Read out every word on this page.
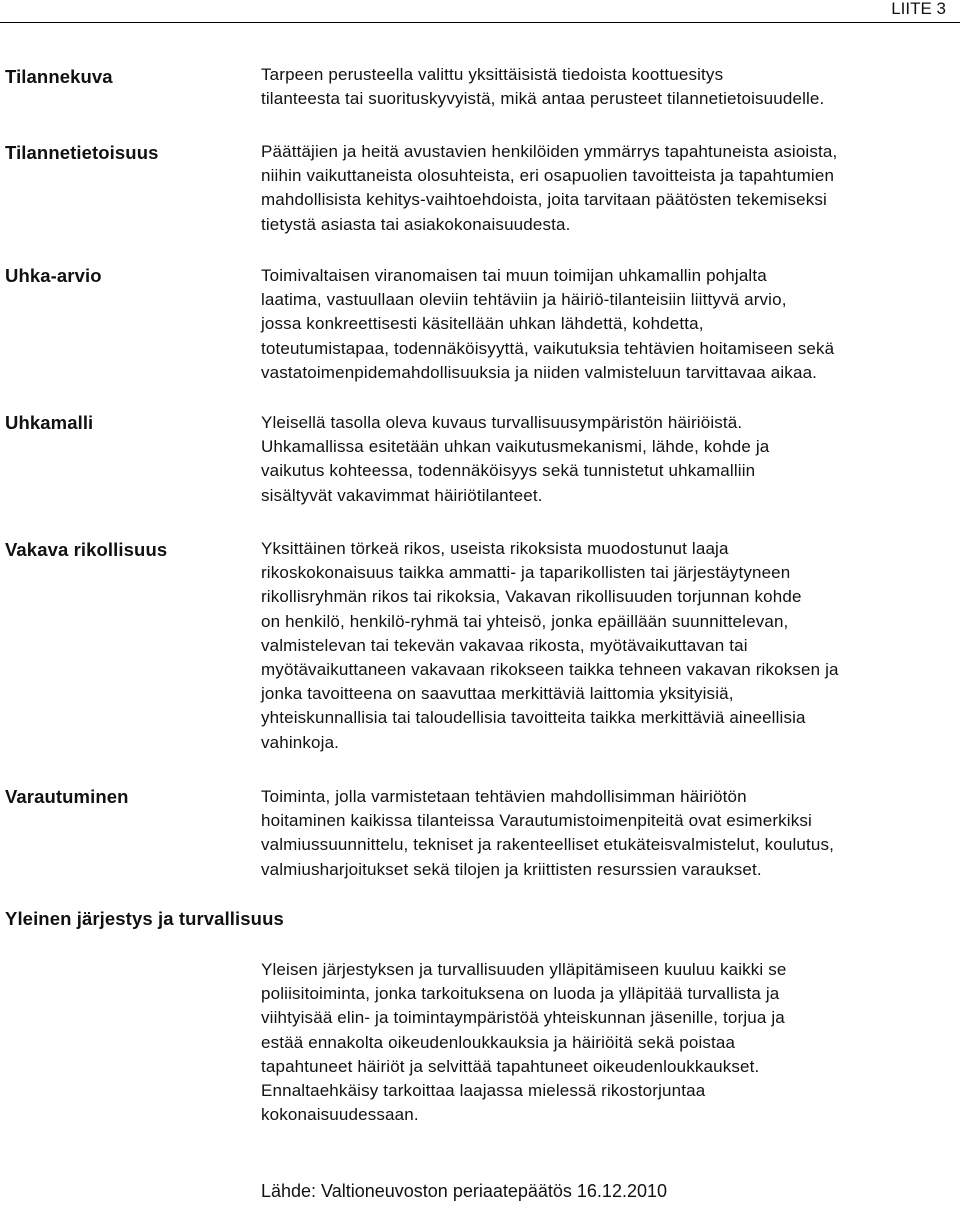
LIITE 3
Tilannekuva	Tarpeen perusteella valittu yksittäisistä tiedoista koottuesitys
tilanteesta tai suorituskyvyistä, mikä antaa perusteet tilannetietoisuudelle.
Tilannetietoisuus	Päättäjien ja heitä avustavien henkilöiden ymmärrys tapahtuneista asioista,
niihin vaikuttaneista olosuhteista, eri osapuolien tavoitteista ja tapahtumien
mahdollisista kehitys-vaihtoehdoista, joita tarvitaan päätösten tekemiseksi
tietystä asiasta tai asiakokonaisuudesta.
Uhka-arvio	Toimivaltaisen viranomaisen tai muun toimijan uhkamallin pohjalta
laatima, vastuullaan oleviin tehtäviin ja häiriö-tilanteisiin liittyvä arvio,
jossa konkreettisesti käsitellään uhkan lähdettä, kohdetta,
toteutumistapaa, todennäköisyyttä, vaikutuksia tehtävien hoitamiseen sekä
vastatoimenpidemahdollisuuksia ja niiden valmisteluun tarvittavaa aikaa.
Uhkamalli	Yleisellä tasolla oleva kuvaus turvallisuusympäristön häiriöistä.
Uhkamallissa esitetään uhkan vaikutusmekanismi, lähde, kohde ja
vaikutus kohteessa, todennäköisyys sekä tunnistetut uhkamalliin
sisältyvät vakavimmat häiriötilanteet.
Vakava rikollisuus	Yksittäinen törkeä rikos, useista rikoksista muodostunut laaja
rikoskokonaisuus taikka ammatti- ja taparikollisten tai järjestäytyneen
rikollisryhmän rikos tai rikoksia, Vakavan rikollisuuden torjunnan kohde
on henkilö, henkilö-ryhmä tai yhteisö, jonka epäillään suunnittelevan,
valmistelevan tai tekevän vakavaa rikosta, myötävaikuttavan tai
myötävaikuttaneen vakavaan rikokseen taikka tehneen vakavan rikoksen ja
jonka tavoitteena on saavuttaa merkittäviä laittomia yksityisiä,
yhteiskunnallisia tai taloudellisia tavoitteita taikka merkittäviä aineellisia
vahinkoja.
Varautuminen	Toiminta, jolla varmistetaan tehtävien mahdollisimman häiriötön
hoitaminen kaikissa tilanteissa Varautumistoimenpiteitä ovat esimerkiksi
valmiussuunnittelu, tekniset ja rakenteelliset etukäteisvalmistelut, koulutus,
valmiusharjoitukset sekä tilojen ja kriittisten resurssien varaukset.
Yleinen järjestys ja turvallisuus
Yleisen järjestyksen ja turvallisuuden ylläpitämiseen kuuluu kaikki se
poliisitoiminta, jonka tarkoituksena on luoda ja ylläpitää turvallista ja
viihtyisää elin- ja toimintaympäristöä yhteiskunnan jäsenille, torjua ja
estää ennakolta oikeudenloukkauksia ja häiriöitä sekä poistaa
tapahtuneet häiriöt ja selvittää tapahtuneet oikeudenloukkaukset.
Ennaltaehkäisy tarkoittaa laajassa mielessä rikostorjuntaa
kokonaisuudessaan.
Lähde: Valtioneuvoston periaatepäätös 16.12.2010
